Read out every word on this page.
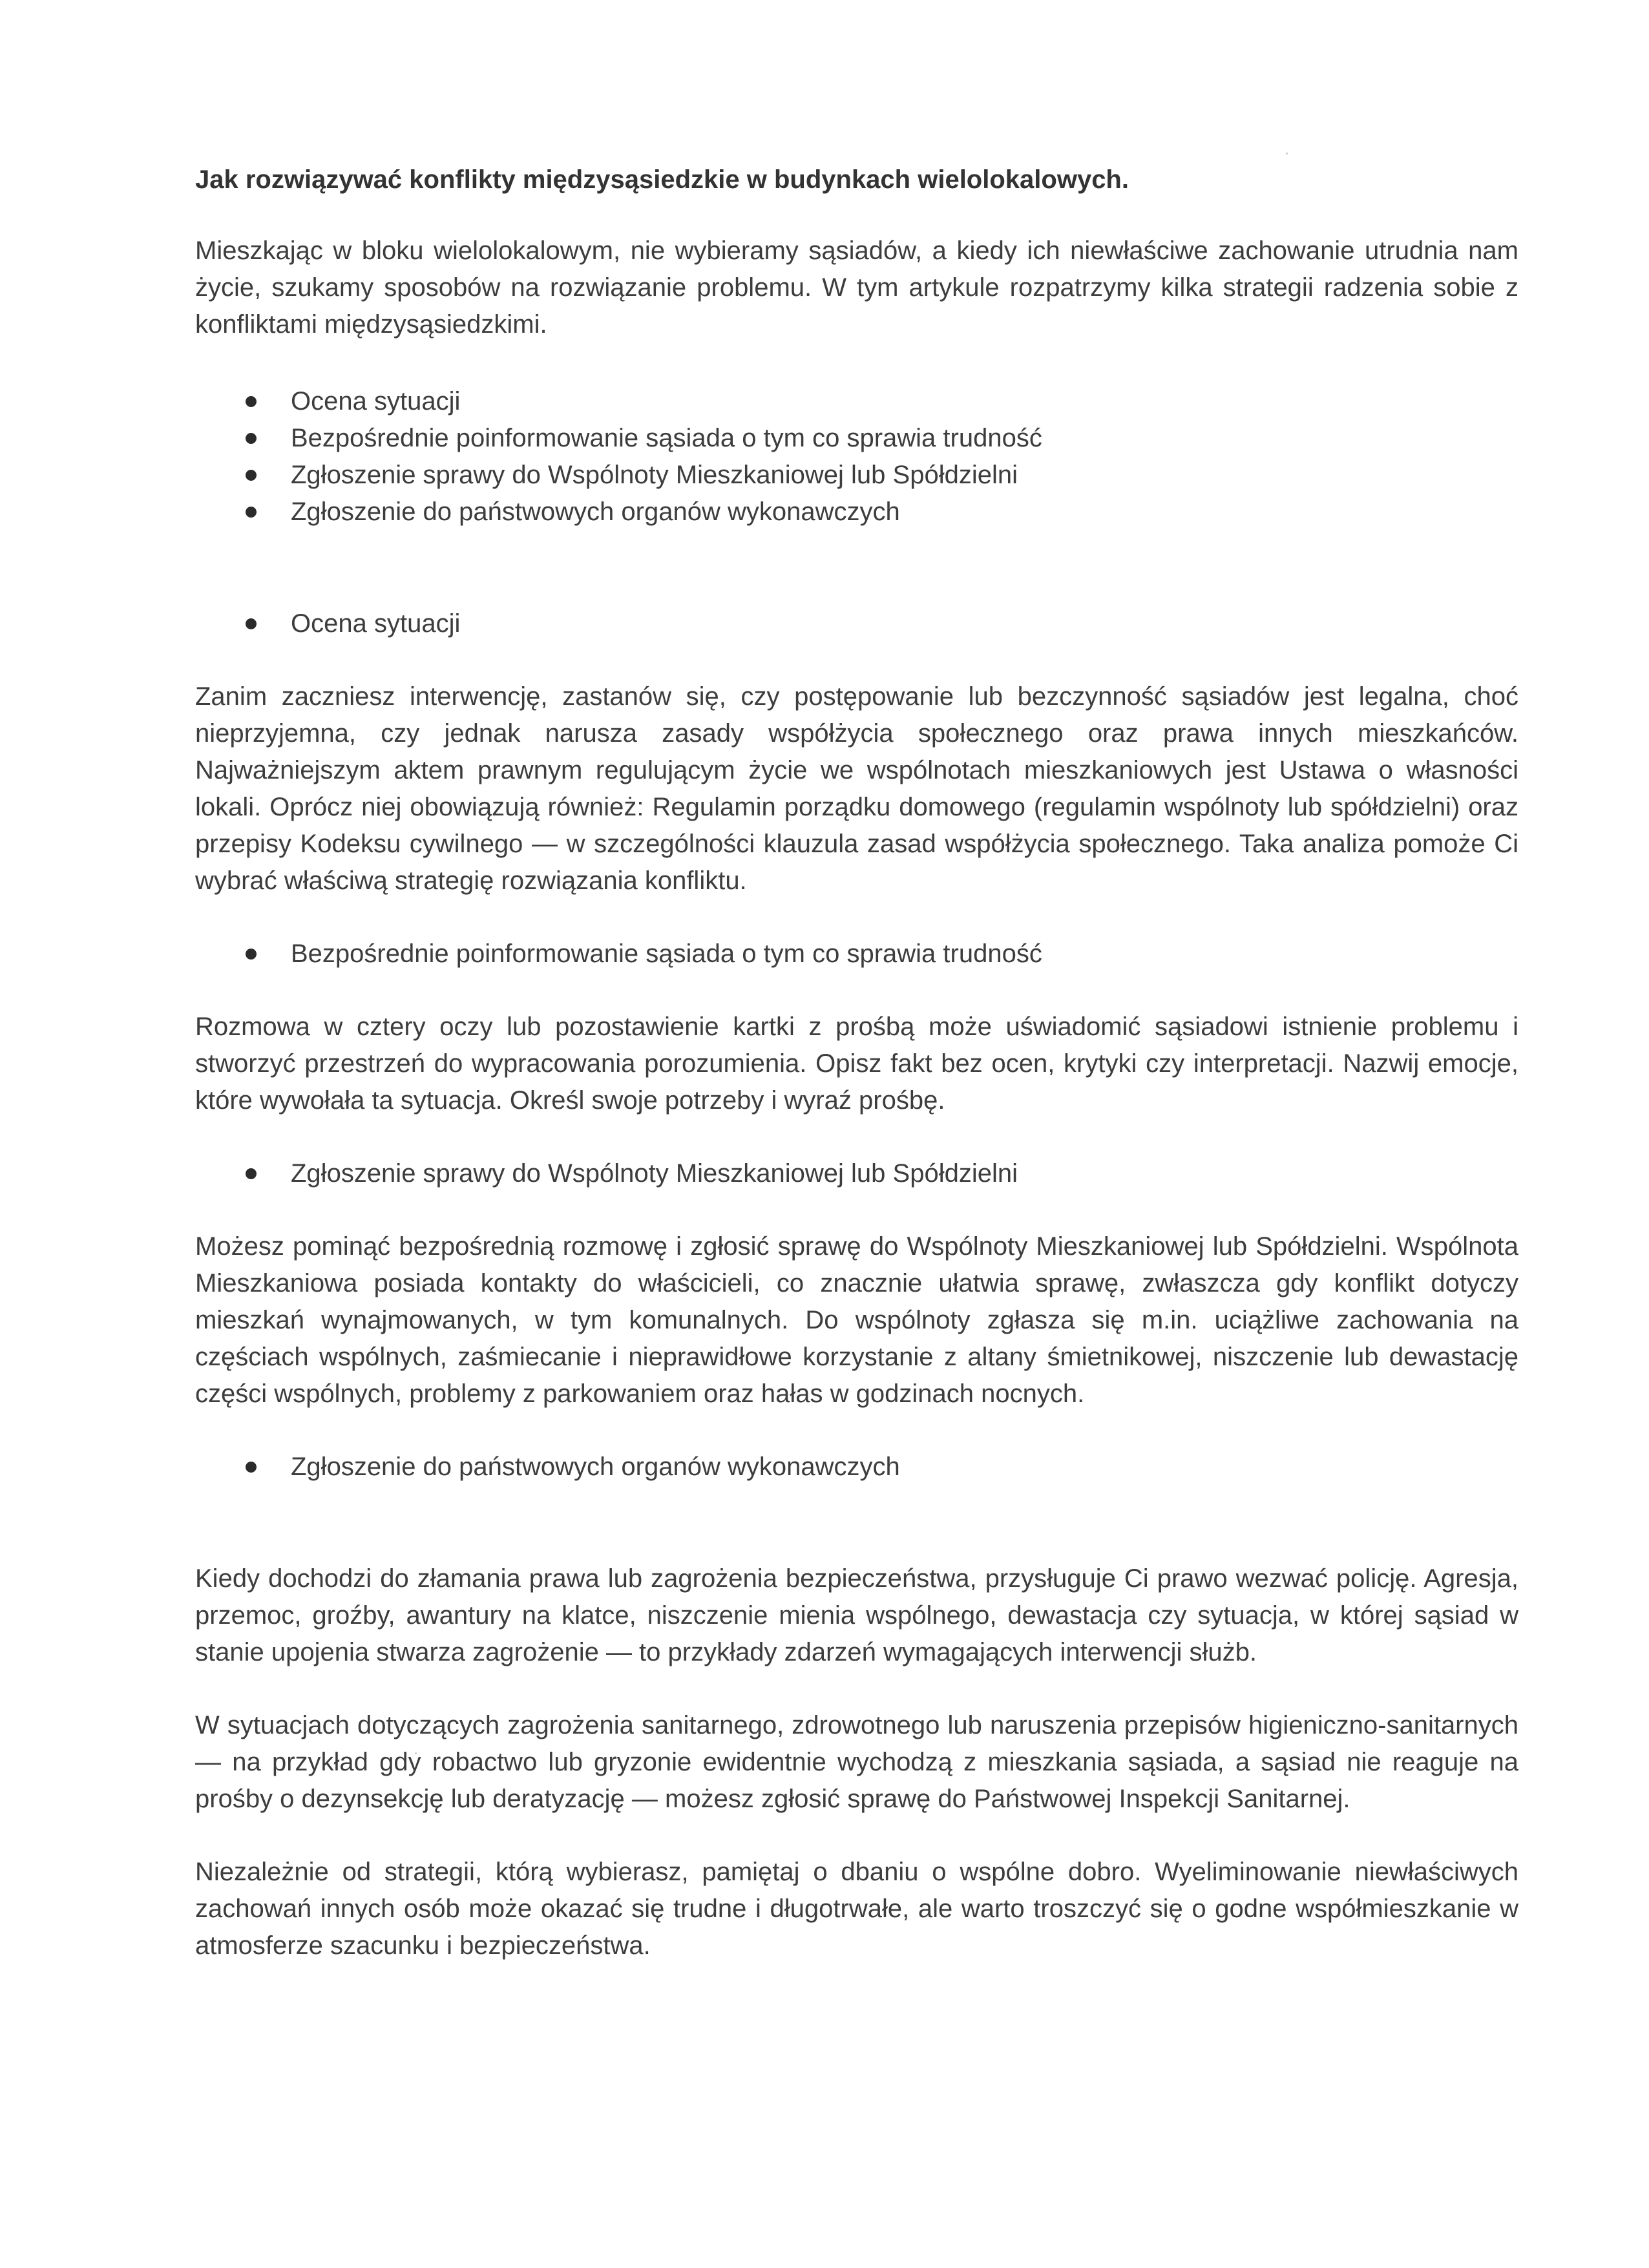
Jak rozwiązywać konflikty międzysąsiedzkie w budynkach wielolokalowych.

Mieszkając w bloku wielolokalowym, nie wybieramy sąsiadów, a kiedy ich niewłaściwe zachowanie utrudnia nam życie, szukamy sposobów na rozwiązanie problemu. W tym artykule rozpatrzymy kilka strategii radzenia sobie z konfliktami międzysąsiedzkimi.

Ocena sytuacji
Bezpośrednie poinformowanie sąsiada o tym co sprawia trudność
Zgłoszenie sprawy do Wspólnoty Mieszkaniowej lub Spółdzielni
Zgłoszenie do państwowych organów wykonawczych
Ocena sytuacji

Zanim zaczniesz interwencję, zastanów się, czy postępowanie lub bezczynność sąsiadów jest legalna, choć nieprzyjemna, czy jednak narusza zasady współżycia społecznego oraz prawa innych mieszkańców. Najważniejszym aktem prawnym regulującym życie we wspólnotach mieszkaniowych jest Ustawa o własności lokali. Oprócz niej obowiązują również: Regulamin porządku domowego (regulamin wspólnoty lub spółdzielni) oraz przepisy Kodeksu cywilnego — w szczególności klauzula zasad współżycia społecznego. Taka analiza pomoże Ci wybrać właściwą strategię rozwiązania konfliktu.

Bezpośrednie poinformowanie sąsiada o tym co sprawia trudność

Rozmowa w cztery oczy lub pozostawienie kartki z prośbą może uświadomić sąsiadowi istnienie problemu i stworzyć przestrzeń do wypracowania porozumienia. Opisz fakt bez ocen, krytyki czy interpretacji. Nazwij emocje, które wywołała ta sytuacja. Określ swoje potrzeby i wyraź prośbę.

Zgłoszenie sprawy do Wspólnoty Mieszkaniowej lub Spółdzielni

Możesz pominąć bezpośrednią rozmowę i zgłosić sprawę do Wspólnoty Mieszkaniowej lub Spółdzielni. Wspólnota Mieszkaniowa posiada kontakty do właścicieli, co znacznie ułatwia sprawę, zwłaszcza gdy konflikt dotyczy mieszkań wynajmowanych, w tym komunalnych. Do wspólnoty zgłasza się m.in. uciążliwe zachowania na częściach wspólnych, zaśmiecanie i nieprawidłowe korzystanie z altany śmietnikowej, niszczenie lub dewastację części wspólnych, problemy z parkowaniem oraz hałas w godzinach nocnych.

Zgłoszenie do państwowych organów wykonawczych

Kiedy dochodzi do złamania prawa lub zagrożenia bezpieczeństwa, przysługuje Ci prawo wezwać policję. Agresja, przemoc, groźby, awantury na klatce, niszczenie mienia wspólnego, dewastacja czy sytuacja, w której sąsiad w stanie upojenia stwarza zagrożenie — to przykłady zdarzeń wymagających interwencji służb.

W sytuacjach dotyczących zagrożenia sanitarnego, zdrowotnego lub naruszenia przepisów higieniczno-sanitarnych — na przykład gdy robactwo lub gryzonie ewidentnie wychodzą z mieszkania sąsiada, a sąsiad nie reaguje na prośby o dezynsekcję lub deratyzację — możesz zgłosić sprawę do Państwowej Inspekcji Sanitarnej.

Niezależnie od strategii, którą wybierasz, pamiętaj o dbaniu o wspólne dobro. Wyeliminowanie niewłaściwych zachowań innych osób może okazać się trudne i długotrwałe, ale warto troszczyć się o godne współmieszkanie w atmosferze szacunku i bezpieczeństwa.
